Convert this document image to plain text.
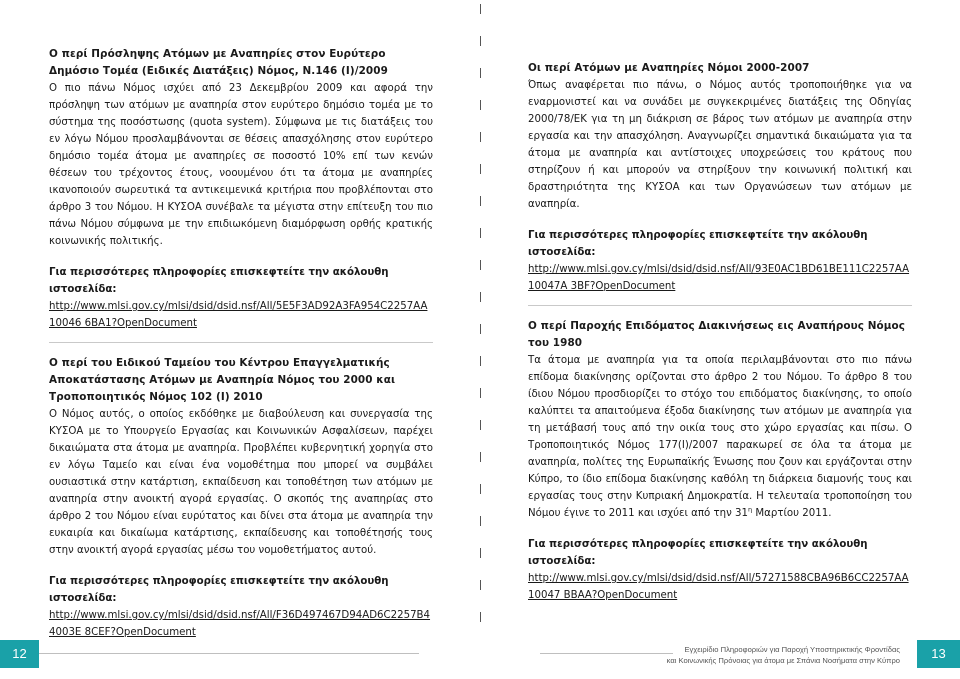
Ο περί Πρόσληψης Ατόμων με Αναπηρίες στον Ευρύτερο Δημόσιο Τομέα (Ειδικές Διατάξεις) Νόμος, Ν.146 (Ι)/2009

Ο πιο πάνω Νόμος ισχύει από 23 Δεκεμβρίου 2009 και αφορά την πρόσληψη των ατόμων με αναπηρία στον ευρύτερο δημόσιο τομέα με το σύστημα της ποσόστωσης (quota system). Σύμφωνα με τις διατάξεις του εν λόγω Νόμου προσλαμβάνονται σε θέσεις απασχόλησης στον ευρύτερο δημόσιο τομέα άτομα με αναπηρίες σε ποσοστό 10% επί των κενών θέσεων του τρέχοντος έτους, νοουμένου ότι τα άτομα με αναπηρίες ικανοποιούν σωρευτικά τα αντικειμενικά κριτήρια που προβλέπονται στο άρθρο 3 του Νόμου. Η ΚΥΣΟΑ συνέβαλε τα μέγιστα στην επίτευξη του πιο πάνω Νόμου σύμφωνα με την επιδιωκόμενη διαμόρφωση ορθής κρατικής κοινωνικής πολιτικής.

Για περισσότερες πληροφορίες επισκεφτείτε την ακόλουθη ιστοσελίδα:

http://www.mlsi.gov.cy/mlsi/dsid/dsid.nsf/All/5E5F3AD92A3FA954C2257AA10046 6BA1?OpenDocument

Ο περί του Ειδικού Ταμείου του Κέντρου Επαγγελματικής Αποκατάστασης Ατόμων με Αναπηρία Νόμος του 2000 και Τροποποιητικός Νόμος 102 (Ι) 2010

Ο Νόμος αυτός, ο οποίος εκδόθηκε με διαβούλευση και συνεργασία της ΚΥΣΟΑ με το Υπουργείο Εργασίας και Κοινωνικών Ασφαλίσεων, παρέχει δικαιώματα στα άτομα με αναπηρία. Προβλέπει κυβερνητική χορηγία στο εν λόγω Ταμείο και είναι ένα νομοθέτημα που μπορεί να συμβάλει ουσιαστικά στην κατάρτιση, εκπαίδευση και τοποθέτηση των ατόμων με αναπηρία στην ανοικτή αγορά εργασίας. Ο σκοπός της αναπηρίας στο άρθρο 2 του Νόμου είναι ευρύτατος και δίνει στα άτομα με αναπηρία την ευκαιρία και δικαίωμα κατάρτισης, εκπαίδευσης και τοποθέτησής τους στην ανοικτή αγορά εργασίας μέσω του νομοθετήματος αυτού.

Για περισσότερες πληροφορίες επισκεφτείτε την ακόλουθη ιστοσελίδα:

http://www.mlsi.gov.cy/mlsi/dsid/dsid.nsf/All/F36D497467D94AD6C2257B44003E 8CEF?OpenDocument

Οι περί Ατόμων με Αναπηρίες Νόμοι 2000-2007

Όπως αναφέρεται πιο πάνω, ο Νόμος αυτός τροποποιήθηκε για να εναρμονιστεί και να συνάδει με συγκεκριμένες διατάξεις της Οδηγίας 2000/78/ΕΚ για τη μη διάκριση σε βάρος των ατόμων με αναπηρία στην εργασία και την απασχόληση. Αναγνωρίζει σημαντικά δικαιώματα για τα άτομα με αναπηρία και αντίστοιχες υποχρεώσεις του κράτους που στηρίζουν ή και μπορούν να στηρίξουν την κοινωνική πολιτική και δραστηριότητα της ΚΥΣΟΑ και των Οργανώσεων των ατόμων με αναπηρία.

Για περισσότερες πληροφορίες επισκεφτείτε την ακόλουθη ιστοσελίδα:

http://www.mlsi.gov.cy/mlsi/dsid/dsid.nsf/All/93E0AC1BD61BE111C2257AA10047A 3BF?OpenDocument

Ο περί Παροχής Επιδόματος Διακινήσεως εις Αναπήρους Νόμος του 1980

Τα άτομα με αναπηρία για τα οποία περιλαμβάνονται στο πιο πάνω επίδομα διακίνησης ορίζονται στο άρθρο 2 του Νόμου. Το άρθρο 8 του ίδιου Νόμου προσδιορίζει το στόχο του επιδόματος διακίνησης, το οποίο καλύπτει τα απαιτούμενα έξοδα διακίνησης των ατόμων με αναπηρία για τη μετάβασή τους από την οικία τους στο χώρο εργασίας και πίσω. Ο Τροποποιητικός Νόμος 177(Ι)/2007 παρακωρεί σε όλα τα άτομα με αναπηρία, πολίτες της Ευρωπαϊκής Ένωσης που ζουν και εργάζονται στην Κύπρο, το ίδιο επίδομα διακίνησης καθόλη τη διάρκεια διαμονής τους και εργασίας τους στην Κυπριακή Δημοκρατία. Η τελευταία τροποποίηση του Νόμου έγινε το 2011 και ισχύει από την $31^\eta$ Μαρτίου 2011.

Για περισσότερες πληροφορίες επισκεφτείτε την ακόλουθη ιστοσελίδα:

http://www.mlsi.gov.cy/mlsi/dsid/dsid.nsf/All/57271588CBA96B6CC2257AA10047 BBAA?OpenDocument

12	Εγχειρίδιο Πληροφοριών για Παροχή Υποστηρικτικής Φροντίδας
και Κοινωνικής Πρόνοιας για άτομα με Σπάνια Νοσήματα στην Κύπρο	13
